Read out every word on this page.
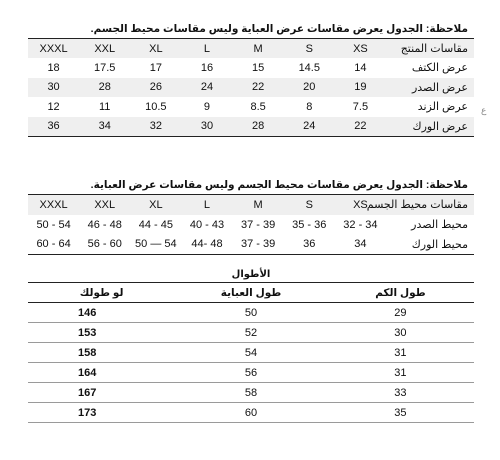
ملاحظة: الجدول يعرض مقاسات عرض العباية وليس مقاسات محيط الجسم.
XXXL	XXL	XL	L	M	S	XS	مقاسات المنتج
18	17.5	17	16	15	14.5	14	عرض الكتف
30	28	26	24	22	20	19	عرض الصدر
12	11	10.5	9	8.5	8	7.5	عرض الزند
36	34	32	30	28	24	22	عرض الورك
ع
ملاحظة: الجدول يعرض مقاسات محيط الجسم وليس مقاسات عرض العباية.
XXXL	XXL	XL	L	M	S	XS	مقاسات محيط الجسم
50 - 54	46 - 48	44 - 45	40 - 43	37 - 39	35 - 36	32 - 34	محيط الصدر
60 - 64	56 - 60	50 — 54	44- 48	37 - 39	36	34	محيط الورك
الأطوال
لو طولك	طول العباية	طول الكم
146	50	29
153	52	30
158	54	31
164	56	31
167	58	33
173	60	35
